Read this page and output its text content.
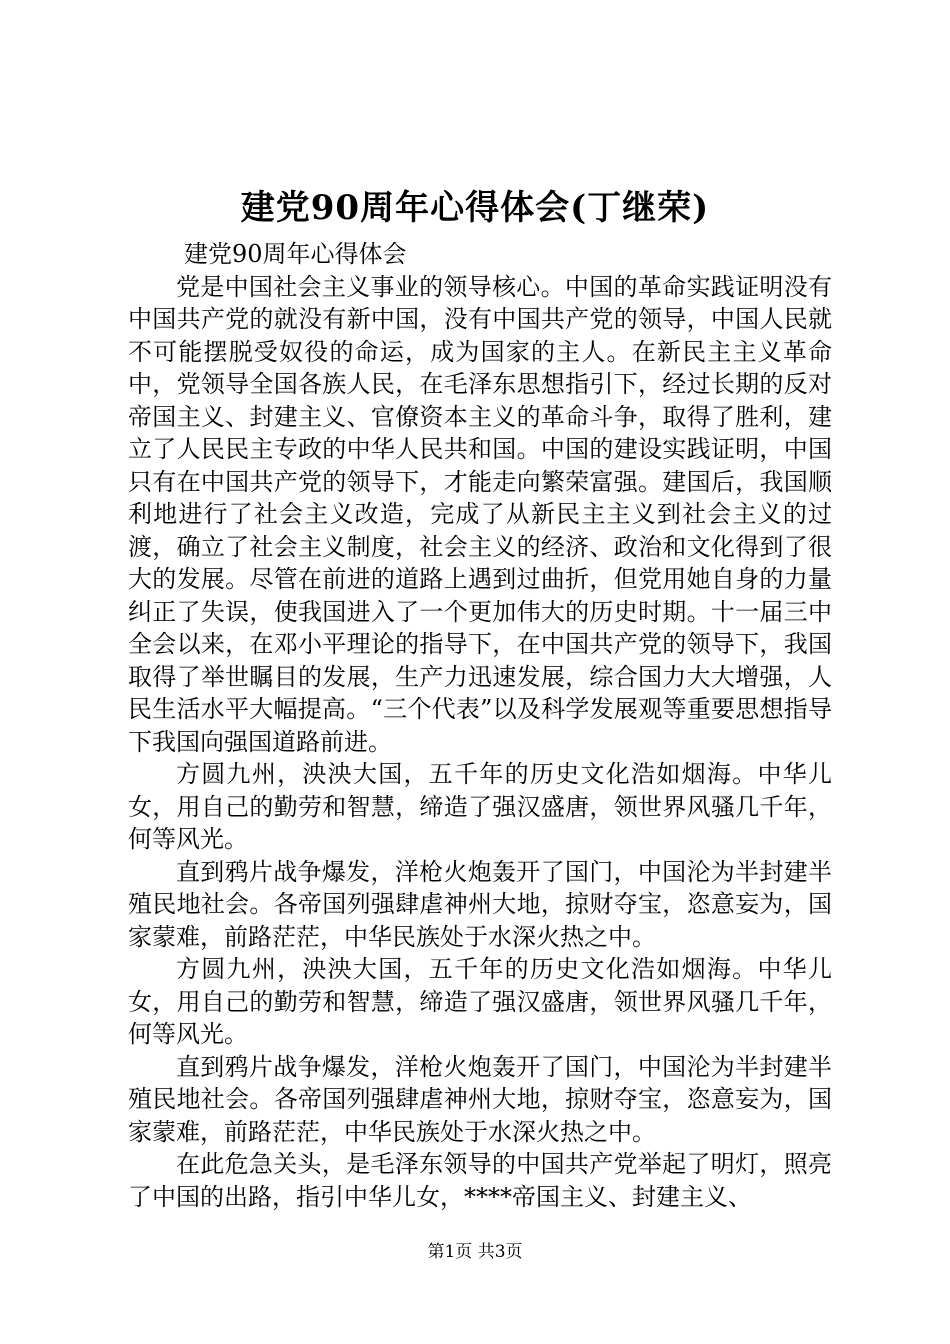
建党90周年心得体会(丁继荣)

建党90周年心得体会

党是中国社会主义事业的领导核心。中国的革命实践证明没有中国共产党的就没有新中国，没有中国共产党的领导，中国人民就不可能摆脱受奴役的命运，成为国家的主人。在新民主主义革命中，党领导全国各族人民，在毛泽东思想指引下，经过长期的反对帝国主义、封建主义、官僚资本主义的革命斗争，取得了胜利，建立了人民民主专政的中华人民共和国。中国的建设实践证明，中国只有在中国共产党的领导下，才能走向繁荣富强。建国后，我国顺利地进行了社会主义改造，完成了从新民主主义到社会主义的过渡，确立了社会主义制度，社会主义的经济、政治和文化得到了很大的发展。尽管在前进的道路上遇到过曲折，但党用她自身的力量纠正了失误，使我国进入了一个更加伟大的历史时期。十一届三中全会以来，在邓小平理论的指导下，在中国共产党的领导下，我国取得了举世瞩目的发展，生产力迅速发展，综合国力大大增强，人民生活水平大幅提高。“三个代表”以及科学发展观等重要思想指导下我国向强国道路前进。

方圆九州，泱泱大国，五千年的历史文化浩如烟海。中华儿女，用自己的勤劳和智慧，缔造了强汉盛唐，领世界风骚几千年，何等风光。

直到鸦片战争爆发，洋枪火炮轰开了国门，中国沦为半封建半殖民地社会。各帝国列强肆虐神州大地，掠财夺宝，恣意妄为，国家蒙难，前路茫茫，中华民族处于水深火热之中。

方圆九州，泱泱大国，五千年的历史文化浩如烟海。中华儿女，用自己的勤劳和智慧，缔造了强汉盛唐，领世界风骚几千年，何等风光。

直到鸦片战争爆发，洋枪火炮轰开了国门，中国沦为半封建半殖民地社会。各帝国列强肆虐神州大地，掠财夺宝，恣意妄为，国家蒙难，前路茫茫，中华民族处于水深火热之中。

在此危急关头，是毛泽东领导的中国共产党举起了明灯，照亮了中国的出路，指引中华儿女，****帝国主义、封建主义、

第1页 共3页
